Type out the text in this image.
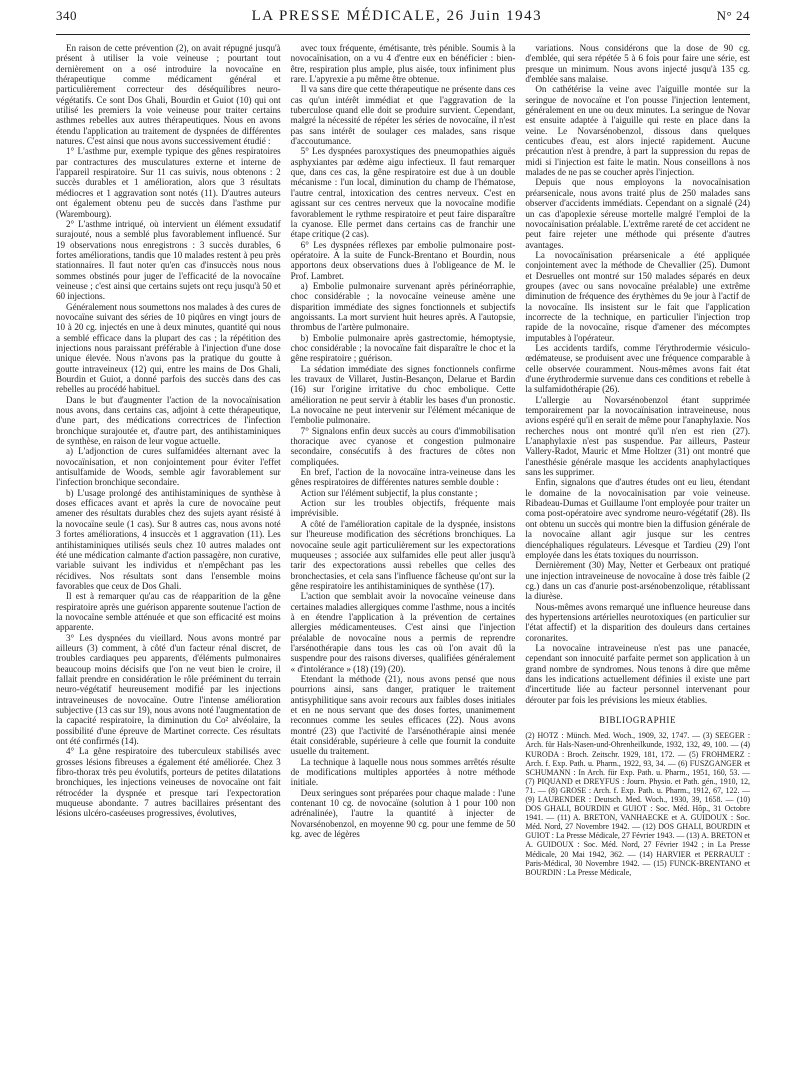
340	LA PRESSE MÉDICALE, 26 Juin 1943	N° 24

En raison de cette prévention (2), on avait répugné jusqu'à présent à utiliser la voie veineuse ; pourtant tout dernièrement on a osé introduire la novocaïne en thérapeutique comme médicament général et particulièrement correcteur des déséquilibres neuro-végétatifs. Ce sont Dos Ghali, Bourdin et Guiot (10) qui ont utilisé les premiers la voie veineuse pour traiter certains asthmes rebelles aux autres thérapeutiques. Nous en avons étendu l'application au traitement de dyspnées de différentes natures. C'est ainsi que nous avons successivement étudié :

1° L'asthme pur, exemple typique des gênes respiratoires par contractures des musculatures externe et interne de l'appareil respiratoire. Sur 11 cas suivis, nous obtenons : 2 succès durables et 1 amélioration, alors que 3 résultats médiocres et 1 aggravation sont notés (11). D'autres auteurs ont également obtenu peu de succès dans l'asthme pur (Warembourg).

2° L'asthme intriqué, où intervient un élément exsudatif surajouté, nous a semblé plus favorablement influencé. Sur 19 observations nous enregistrons : 3 succès durables, 6 fortes améliorations, tandis que 10 malades restent à peu près stationnaires. Il faut noter qu'en cas d'insuccès nous nous sommes obstinés pour juger de l'efficacité de la novocaïne veineuse ; c'est ainsi que certains sujets ont reçu jusqu'à 50 et 60 injections.

Généralement nous soumettons nos malades à des cures de novocaïne suivant des séries de 10 piqûres en vingt jours de 10 à 20 cg. injectés en une à deux minutes, quantité qui nous a semblé efficace dans la plupart des cas ; la répétition des injections nous paraissant préférable à l'injection d'une dose unique élevée. Nous n'avons pas la pratique du goutte à goutte intraveineux (12) qui, entre les mains de Dos Ghali, Bourdin et Guiot, a donné parfois des succès dans des cas rebelles au procédé habituel.

Dans le but d'augmenter l'action de la novocaïnisation nous avons, dans certains cas, adjoint à cette thérapeutique, d'une part, des médications correctrices de l'infection bronchique surajoutée et, d'autre part, des antihistaminiques de synthèse, en raison de leur vogue actuelle.

a) L'adjonction de cures sulfamidées alternant avec la novocaïnisation, et non conjointement pour éviter l'effet antisulfamide de Woods, semble agir favorablement sur l'infection bronchique secondaire.

b) L'usage prolongé des antihistaminiques de synthèse à doses efficaces avant et après la cure de novocaïne peut amener des résultats durables chez des sujets ayant résisté à la novocaïne seule (1 cas). Sur 8 autres cas, nous avons noté 3 fortes améliorations, 4 insuccès et 1 aggravation (11). Les antihistaminiques utilisés seuls chez 10 autres malades ont été une médication calmante d'action passagère, non curative, variable suivant les individus et n'empêchant pas les récidives. Nos résultats sont dans l'ensemble moins favorables que ceux de Dos Ghali.

Il est à remarquer qu'au cas de réapparition de la gêne respiratoire après une guérison apparente soutenue l'action de la novocaïne semble atténuée et que son efficacité est moins apparente.

3° Les dyspnées du vieillard. Nous avons montré par ailleurs (3) comment, à côté d'un facteur rénal discret, de troubles cardiaques peu apparents, d'éléments pulmonaires beaucoup moins décisifs que l'on ne veut bien le croire, il fallait prendre en considération le rôle prééminent du terrain neuro-végétatif heureusement modifié par les injections intraveineuses de novocaïne. Outre l'intense amélioration subjective (13 cas sur 19), nous avons noté l'augmentation de la capacité respiratoire, la diminution du Co² alvéolaire, la possibilité d'une épreuve de Martinet correcte. Ces résultats ont été confirmés (14).

4° La gêne respiratoire des tuberculeux stabilisés avec grosses lésions fibreuses a également été améliorée. Chez 3 fibro-thorax très peu évolutifs, porteurs de petites dilatations bronchiques, les injections veineuses de novocaïne ont fait rétrocéder la dyspnée et presque tari l'expectoration muqueuse abondante. 7 autres bacillaires présentant des lésions ulcéro-caséeuses progressives, évolutives,

avec toux fréquente, émétisante, très pénible. Soumis à la novocaïnisation, on a vu 4 d'entre eux en bénéficier : bien-être, respiration plus ample, plus aisée, toux infiniment plus rare. L'apyrexie a pu même être obtenue.

Il va sans dire que cette thérapeutique ne présente dans ces cas qu'un intérêt immédiat et que l'aggravation de la tuberculose quand elle doit se produire survient. Cependant, malgré la nécessité de répéter les séries de novocaïne, il n'est pas sans intérêt de soulager ces malades, sans risque d'accoutumance.

5° Les dyspnées paroxystiques des pneumopathies aiguës asphyxiantes par œdème aigu infectieux. Il faut remarquer que, dans ces cas, la gêne respiratoire est due à un double mécanisme : l'un local, diminution du champ de l'hématose, l'autre central, intoxication des centres nerveux. C'est en agissant sur ces centres nerveux que la novocaïne modifie favorablement le rythme respiratoire et peut faire disparaître la cyanose. Elle permet dans certains cas de franchir une étape critique (2 cas).

6° Les dyspnées réflexes par embolie pulmonaire post-opératoire. A la suite de Funck-Brentano et Bourdin, nous apportons deux observations dues à l'obligeance de M. le Prof. Lambret.

a) Embolie pulmonaire survenant après périnéorraphie, choc considérable ; la novocaïne veineuse amène une disparition immédiate des signes fonctionnels et subjectifs angoissants. La mort survient huit heures après. A l'autopsie, thrombus de l'artère pulmonaire.

b) Embolie pulmonaire après gastrectomie, hémoptysie, choc considérable ; la novocaïne fait disparaître le choc et la gêne respiratoire ; guérison.

La sédation immédiate des signes fonctionnels confirme les travaux de Villaret, Justin-Besançon, Delarue et Bardin (16) sur l'origine irritative du choc embolique. Cette amélioration ne peut servir à établir les bases d'un pronostic. La novocaïne ne peut intervenir sur l'élément mécanique de l'embolie pulmonaire.

7° Signalons enfin deux succès au cours d'immobilisation thoracique avec cyanose et congestion pulmonaire secondaire, consécutifs à des fractures de côtes non compliquées.

En bref, l'action de la novocaïne intra-veineuse dans les gênes respiratoires de différentes natures semble double :

Action sur l'élément subjectif, la plus constante ;

Action sur les troubles objectifs, fréquente mais imprévisible.

A côté de l'amélioration capitale de la dyspnée, insistons sur l'heureuse modification des sécrétions bronchiques. La novocaïne seule agit particulièrement sur les expectorations muqueuses ; associée aux sulfamides elle peut aller jusqu'à tarir des expectorations aussi rebelles que celles des bronchectasies, et cela sans l'influence fâcheuse qu'ont sur la gêne respiratoire les antihistaminiques de synthèse (17).

L'action que semblait avoir la novocaïne veineuse dans certaines maladies allergiques comme l'asthme, nous a incités à en étendre l'application à la prévention de certaines allergies médicamenteuses. C'est ainsi que l'injection préalable de novocaïne nous a permis de reprendre l'arsénothérapie dans tous les cas où l'on avait dû la suspendre pour des raisons diverses, qualifiées généralement « d'intolérance » (18) (19) (20).

Etendant la méthode (21), nous avons pensé que nous pourrions ainsi, sans danger, pratiquer le traitement antisyphilitique sans avoir recours aux faibles doses initiales et en ne nous servant que des doses fortes, unanimement reconnues comme les seules efficaces (22). Nous avons montré (23) que l'activité de l'arsénothérapie ainsi menée était considérable, supérieure à celle que fournit la conduite usuelle du traitement.

La technique à laquelle nous nous sommes arrêtés résulte de modifications multiples apportées à notre méthode initiale.

Deux seringues sont préparées pour chaque malade : l'une contenant 10 cg. de novocaïne (solution à 1 pour 100 non adrénalinée), l'autre la quantité à injecter de Novarsénobenzol, en moyenne 90 cg. pour une femme de 50 kg. avec de légères

variations. Nous considérons que la dose de 90 cg. d'emblée, qui sera répétée 5 à 6 fois pour faire une série, est presque un minimum. Nous avons injecté jusqu'à 135 cg. d'emblée sans malaise.

On cathétérise la veine avec l'aiguille montée sur la seringue de novocaïne et l'on pousse l'injection lentement, généralement en une ou deux minutes. La seringue de Novar est ensuite adaptée à l'aiguille qui reste en place dans la veine. Le Novarsénobenzol, dissous dans quelques centicubes d'eau, est alors injecté rapidement. Aucune précaution n'est à prendre, à part la suppression du repas de midi si l'injection est faite le matin. Nous conseillons à nos malades de ne pas se coucher après l'injection.

Depuis que nous employons la novocaïnisation préarsenicale, nous avons traité plus de 250 malades sans observer d'accidents immédiats. Cependant on a signalé (24) un cas d'apoplexie séreuse mortelle malgré l'emploi de la novocaïnisation préalable. L'extrême rareté de cet accident ne peut faire rejeter une méthode qui présente d'autres avantages.

La novocaïnisation préarsenicale a été appliquée conjointement avec la méthode de Chevallier (25). Dumont et Desruelles ont montré sur 150 malades séparés en deux groupes (avec ou sans novocaïne préalable) une extrême diminution de fréquence des érythèmes du 9e jour à l'actif de la novocaïne. Ils insistent sur le fait que l'application incorrecte de la technique, en particulier l'injection trop rapide de la novocaïne, risque d'amener des mécomptes imputables à l'opérateur.

Les accidents tardifs, comme l'érythrodermie vésiculo-œdémateuse, se produisent avec une fréquence comparable à celle observée couramment. Nous-mêmes avons fait état d'une érythrodermie survenue dans ces conditions et rebelle à la sulfamidothérapie (26).

L'allergie au Novarsénobenzol étant supprimée temporairement par la novocaïnisation intraveineuse, nous avions espéré qu'il en serait de même pour l'anaphylaxie. Nos recherches nous ont montré qu'il n'en est rien (27). L'anaphylaxie n'est pas suspendue. Par ailleurs, Pasteur Vallery-Radot, Mauric et Mme Holtzer (31) ont montré que l'anesthésie générale masque les accidents anaphylactiques sans les supprimer.

Enfin, signalons que d'autres études ont eu lieu, étendant le domaine de la novocaïnisation par voie veineuse. Ribadeau-Dumas et Guillaume l'ont employée pour traiter un coma post-opératoire avec syndrome neuro-végétatif (28). Ils ont obtenu un succès qui montre bien la diffusion générale de la novocaïne allant agir jusque sur les centres diencéphaliques régulateurs. Lévesque et Tardieu (29) l'ont employée dans les états toxiques du nourrisson.

Dernièrement (30) May, Netter et Gerbeaux ont pratiqué une injection intraveineuse de novocaïne à dose très faible (2 cg.) dans un cas d'anurie post-arsénobenzolique, rétablissant la diurèse.

Nous-mêmes avons remarqué une influence heureuse dans des hypertensions artérielles neurotoxiques (en particulier sur l'état affectif) et la disparition des douleurs dans certaines coronarites.

La novocaïne intraveineuse n'est pas une panacée, cependant son innocuité parfaite permet son application à un grand nombre de syndromes. Nous tenons à dire que même dans les indications actuellement définies il existe une part d'incertitude liée au facteur personnel intervenant pour dérouter par fois les prévisions les mieux établies.

BIBLIOGRAPHIE

(2) HOTZ : Münch. Med. Woch., 1909, 32, 1747. — (3) SEEGER : Arch. für Hals-Nasen-und-Ohrenheilkunde, 1932, 132, 49, 100. — (4) KURODA : Broch. Zeitschr. 1929, 181, 172. — (5) FROHMERZ : Arch. f. Exp. Path. u. Pharm., 1922, 93, 34. — (6) FUSZGANGER et SCHUMANN : In Arch. für Exp. Path. u. Pharm., 1951, 160, 53. — (7) PIQUAND et DREYFUS : Journ. Physio. et Path. gén., 1910, 12, 71. — (8) GROSE : Arch. f. Exp. Path. u. Pharm., 1912, 67, 122. — (9) LAUBENDER : Deutsch. Med. Woch., 1930, 39, 1658. — (10) DOS GHALI, BOURDIN et GUIOT : Soc. Méd. Hôp., 31 Octobre 1941. — (11) A. BRETON, VANHAECKE et A. GUIDOUX : Soc. Méd. Nord, 27 Novembre 1942. — (12) DOS GHALI, BOURDIN et GUIOT : La Presse Médicale, 27 Février 1943. — (13) A. BRETON et A. GUIDOUX : Soc. Méd. Nord, 27 Février 1942 ; in La Presse Médicale, 20 Mai 1942, 362. — (14) HARVIER et PERRAULT : Paris-Médical, 30 Novembre 1942. — (15) FUNCK-BRENTANO et BOURDIN : La Presse Médicale,
